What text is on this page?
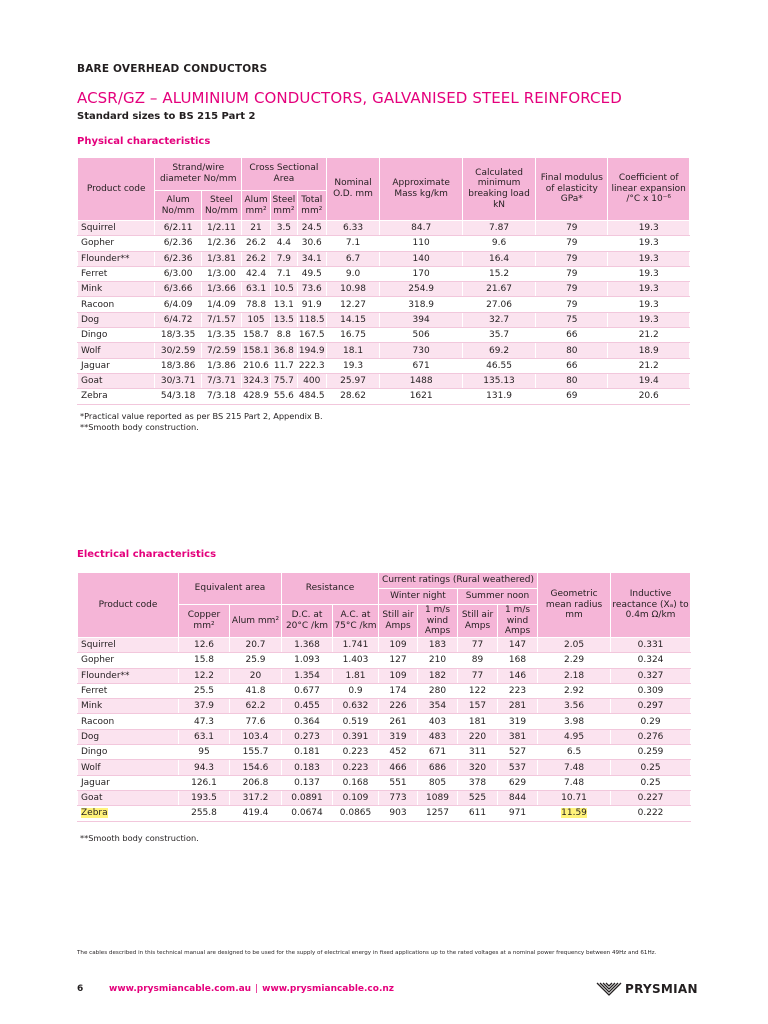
BARE OVERHEAD CONDUCTORS
ACSR/GZ – ALUMINIUM CONDUCTORS, GALVANISED STEEL REINFORCED
Standard sizes to BS 215 Part 2
Physical characteristics
Product code	Strand/wire diameter No/mm		Cross Sectional Area			Nominal O.D. mm	Approximate Mass kg/km	Calculated minimum breaking load kN	Final modulus of elasticity GPa*	Coefficient of linear expansion /°C x 10⁻⁶
	Alum No/mm	Steel No/mm	Alum mm²	Steel mm²	Total mm²					
Squirrel	6/2.11	1/2.11	21	3.5	24.5	6.33	84.7	7.87	79	19.3
Gopher	6/2.36	1/2.36	26.2	4.4	30.6	7.1	110	9.6	79	19.3
Flounder**	6/2.36	1/3.81	26.2	7.9	34.1	6.7	140	16.4	79	19.3
Ferret	6/3.00	1/3.00	42.4	7.1	49.5	9.0	170	15.2	79	19.3
Mink	6/3.66	1/3.66	63.1	10.5	73.6	10.98	254.9	21.67	79	19.3
Racoon	6/4.09	1/4.09	78.8	13.1	91.9	12.27	318.9	27.06	79	19.3
Dog	6/4.72	7/1.57	105	13.5	118.5	14.15	394	32.7	75	19.3
Dingo	18/3.35	1/3.35	158.7	8.8	167.5	16.75	506	35.7	66	21.2
Wolf	30/2.59	7/2.59	158.1	36.8	194.9	18.1	730	69.2	80	18.9
Jaguar	18/3.86	1/3.86	210.6	11.7	222.3	19.3	671	46.55	66	21.2
Goat	30/3.71	7/3.71	324.3	75.7	400	25.97	1488	135.13	80	19.4
Zebra	54/3.18	7/3.18	428.9	55.6	484.5	28.62	1621	131.9	69	20.6
*Practical value reported as per BS 215 Part 2, Appendix B.
**Smooth body construction.
Electrical characteristics
Product code	Equivalent area		Resistance		Current ratings (Rural weathered)				Geometric mean radius mm	Inductive reactance (Xₐ) to 0.4m Ω/km
					Winter night		Summer noon			
	Copper mm²	Alum mm²	D.C. at 20°C /km	A.C. at 75°C /km	Still air Amps	1 m/s wind Amps	Still air Amps	1 m/s wind Amps		
Squirrel	12.6	20.7	1.368	1.741	109	183	77	147	2.05	0.331
Gopher	15.8	25.9	1.093	1.403	127	210	89	168	2.29	0.324
Flounder**	12.2	20	1.354	1.81	109	182	77	146	2.18	0.327
Ferret	25.5	41.8	0.677	0.9	174	280	122	223	2.92	0.309
Mink	37.9	62.2	0.455	0.632	226	354	157	281	3.56	0.297
Racoon	47.3	77.6	0.364	0.519	261	403	181	319	3.98	0.29
Dog	63.1	103.4	0.273	0.391	319	483	220	381	4.95	0.276
Dingo	95	155.7	0.181	0.223	452	671	311	527	6.5	0.259
Wolf	94.3	154.6	0.183	0.223	466	686	320	537	7.48	0.25
Jaguar	126.1	206.8	0.137	0.168	551	805	378	629	7.48	0.25
Goat	193.5	317.2	0.0891	0.109	773	1089	525	844	10.71	0.227
Zebra	255.8	419.4	0.0674	0.0865	903	1257	611	971	11.59	0.222
**Smooth body construction.
The cables described in this technical manual are designed to be used for the supply of electrical energy in fixed applications up to the rated voltages at a nominal power frequency between 49Hz and 61Hz.
6	www.prysmiancable.com.au | www.prysmiancable.co.nz	PRYSMIAN
